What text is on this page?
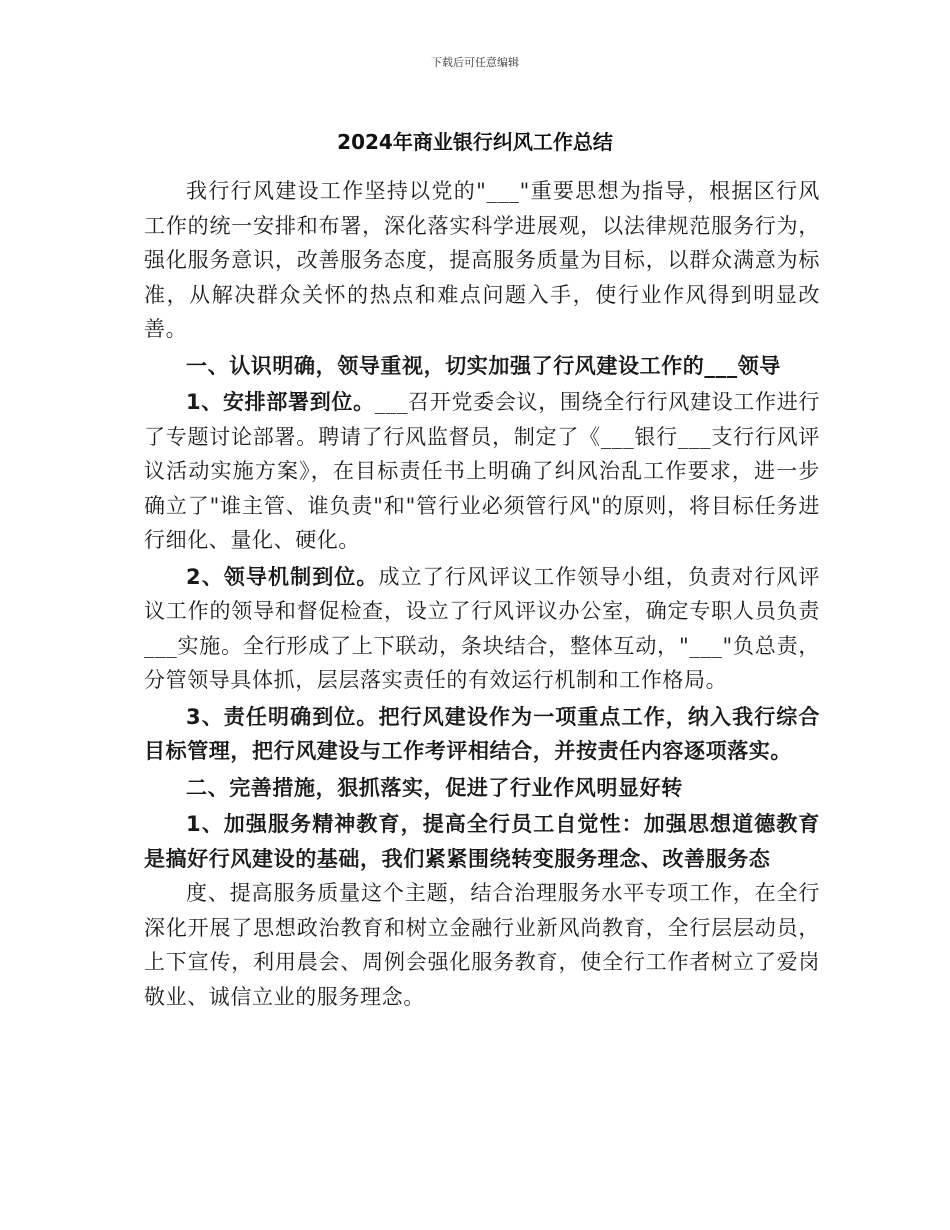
下载后可任意编辑
2024年商业银行纠风工作总结

我行行风建设工作坚持以党的"___"重要思想为指导，根据区行风工作的统一安排和布署，深化落实科学进展观，以法律规范服务行为，强化服务意识，改善服务态度，提高服务质量为目标，以群众满意为标准，从解决群众关怀的热点和难点问题入手，使行业作风得到明显改善。

一、认识明确，领导重视，切实加强了行风建设工作的___领导

1、安排部署到位。___召开党委会议，围绕全行行风建设工作进行了专题讨论部署。聘请了行风监督员，制定了《___银行___支行行风评议活动实施方案》，在目标责任书上明确了纠风治乱工作要求，进一步确立了"谁主管、谁负责"和"管行业必须管行风"的原则，将目标任务进行细化、量化、硬化。

2、领导机制到位。成立了行风评议工作领导小组，负责对行风评议工作的领导和督促检查，设立了行风评议办公室，确定专职人员负责___实施。全行形成了上下联动，条块结合，整体互动，"___"负总责，分管领导具体抓，层层落实责任的有效运行机制和工作格局。

3、责任明确到位。把行风建设作为一项重点工作，纳入我行综合目标管理，把行风建设与工作考评相结合，并按责任内容逐项落实。

二、完善措施，狠抓落实，促进了行业作风明显好转

1、加强服务精神教育，提高全行员工自觉性：加强思想道德教育是搞好行风建设的基础，我们紧紧围绕转变服务理念、改善服务态

度、提高服务质量这个主题，结合治理服务水平专项工作，在全行深化开展了思想政治教育和树立金融行业新风尚教育，全行层层动员，上下宣传，利用晨会、周例会强化服务教育，使全行工作者树立了爱岗敬业、诚信立业的服务理念。
